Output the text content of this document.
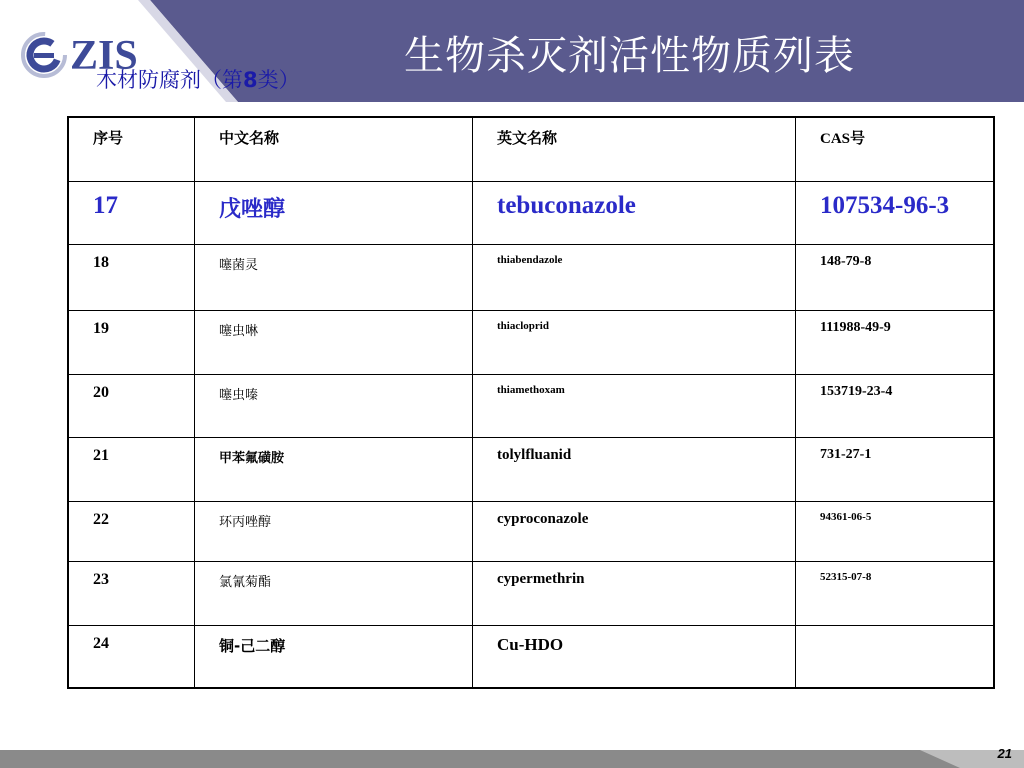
ZIS	生物杀灭剂活性物质列表
木材防腐剂（第8类）
序号	中文名称	英文名称	CAS号

17	戊唑醇	tebuconazole	107534-96-3

18	噻菌灵	thiabendazole	148-79-8

19	噻虫啉	thiacloprid	111988-49-9

20	噻虫嗪	thiamethoxam	153719-23-4

21	甲苯氟磺胺	tolylfluanid	731-27-1

22	环丙唑醇	cyproconazole	94361-06-5

23	氯氰菊酯	cypermethrin	52315-07-8

24	铜-己二醇	Cu-HDO	

21
